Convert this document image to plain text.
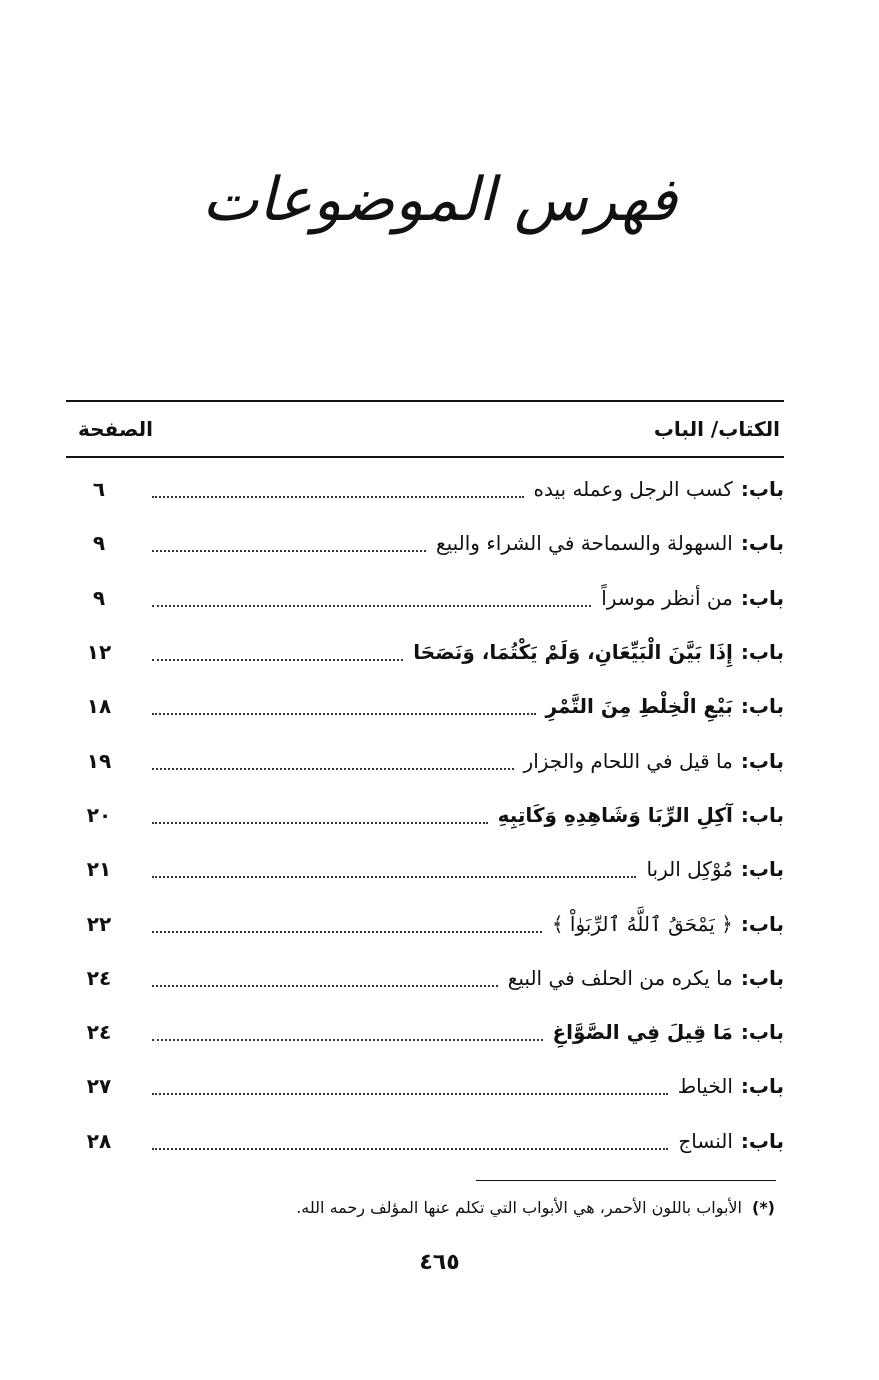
فهرس الموضوعات
الكتاب/ الباب
الصفحة
باب:
كسب الرجل وعمله بيده
٦
باب:
السهولة والسماحة في الشراء والبيع
٩
باب:
من أنظر موسراً
٩
باب:
إِذَا بَيَّنَ الْبَيِّعَانِ، وَلَمْ يَكْتُمَا، وَنَصَحَا
١٢
باب:
بَيْعِ الْخِلْطِ مِنَ التَّمْرِ
١٨
باب:
ما قيل في اللحام والجزار
١٩
باب:
آكِلِ الرِّبَا وَشَاهِدِهِ وَكَاتِبِهِ
٢٠
باب:
مُوْكِل الربا
٢١
باب:
﴿ يَمْحَقُ ٱللَّهُ ٱلرِّبَوٰاْ ﴾
٢٢
باب:
ما يكره من الحلف في البيع
٢٤
باب:
مَا قِيلَ فِي الصَّوَّاغِ
٢٤
باب:
الخياط
٢٧
باب:
النساج
٢٨
(*)الأبواب باللون الأحمر، هي الأبواب التي تكلم عنها المؤلف رحمه الله.
٤٦٥
